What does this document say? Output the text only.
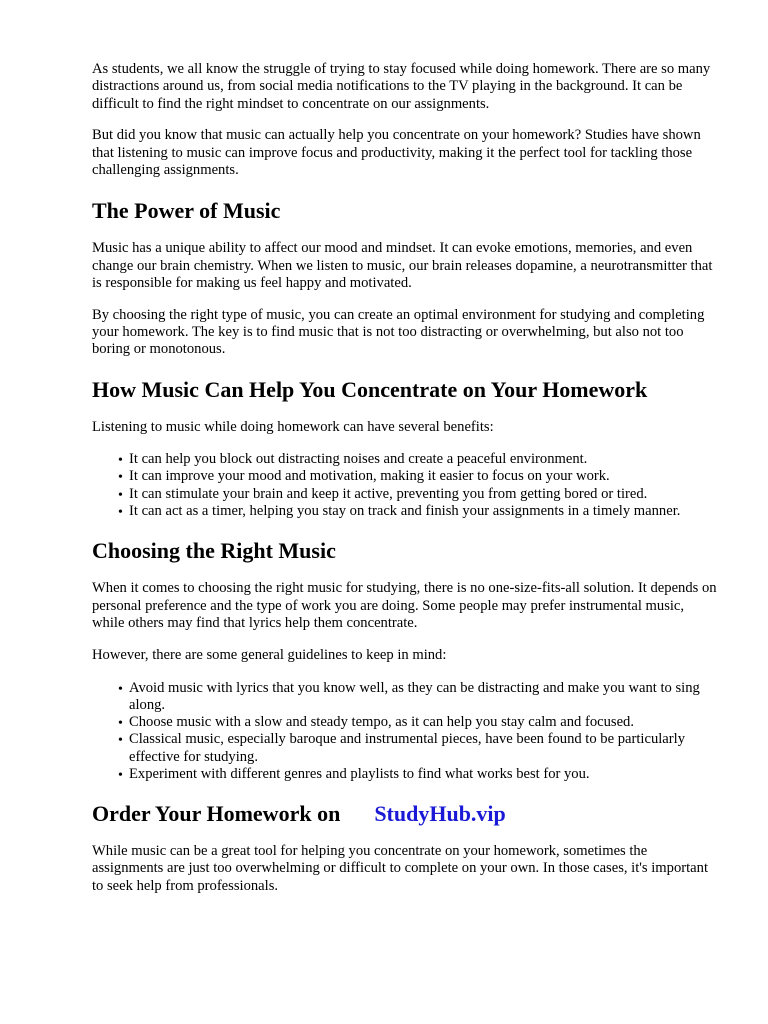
As students, we all know the struggle of trying to stay focused while doing homework. There are so many distractions around us, from social media notifications to the TV playing in the background. It can be difficult to find the right mindset to concentrate on our assignments.

But did you know that music can actually help you concentrate on your homework? Studies have shown that listening to music can improve focus and productivity, making it the perfect tool for tackling those challenging assignments.

The Power of Music

Music has a unique ability to affect our mood and mindset. It can evoke emotions, memories, and even change our brain chemistry. When we listen to music, our brain releases dopamine, a neurotransmitter that is responsible for making us feel happy and motivated.

By choosing the right type of music, you can create an optimal environment for studying and completing your homework. The key is to find music that is not too distracting or overwhelming, but also not too boring or monotonous.

How Music Can Help You Concentrate on Your Homework

Listening to music while doing homework can have several benefits:

• It can help you block out distracting noises and create a peaceful environment.
• It can improve your mood and motivation, making it easier to focus on your work.
• It can stimulate your brain and keep it active, preventing you from getting bored or tired.
• It can act as a timer, helping you stay on track and finish your assignments in a timely manner.
Choosing the Right Music

When it comes to choosing the right music for studying, there is no one-size-fits-all solution. It depends on personal preference and the type of work you are doing. Some people may prefer instrumental music, while others may find that lyrics help them concentrate.

However, there are some general guidelines to keep in mind:

• Avoid music with lyrics that you know well, as they can be distracting and make you want to sing along.
• Choose music with a slow and steady tempo, as it can help you stay calm and focused.
• Classical music, especially baroque and instrumental pieces, have been found to be particularly effective for studying.
• Experiment with different genres and playlists to find what works best for you.
Order Your Homework on StudyHub.vip

While music can be a great tool for helping you concentrate on your homework, sometimes the assignments are just too overwhelming or difficult to complete on your own. In those cases, it's important to seek help from professionals.
